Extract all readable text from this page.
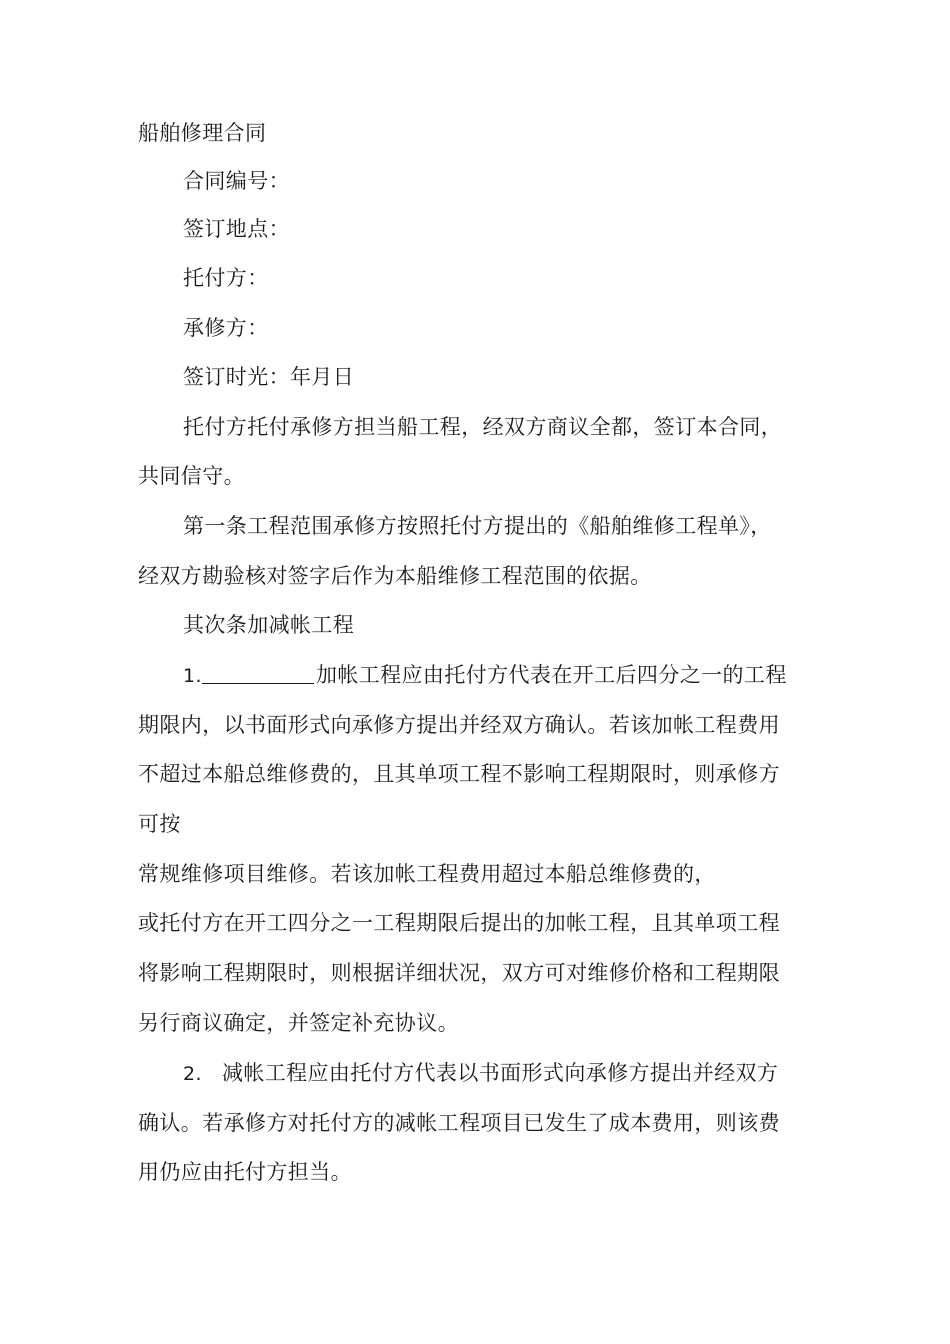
船舶修理合同
合同编号：
签订地点：
托付方：
承修方：
签订时光：年月日
托付方托付承修方担当船工程，经双方商议全都，签订本合同，
共同信守。
第一条工程范围承修方按照托付方提出的《船舶维修工程单》，
经双方勘验核对签字后作为本船维修工程范围的依据。
其次条加减帐工程
1.	加帐工程应由托付方代表在开工后四分之一的工程
期限内，以书面形式向承修方提出并经双方确认。若该加帐工程费用
不超过本船总维修费的，且其单项工程不影响工程期限时，则承修方
可按
常规维修项目维修。若该加帐工程费用超过本船总维修费的，
或托付方在开工四分之一工程期限后提出的加帐工程，且其单项工程
将影响工程期限时，则根据详细状况，双方可对维修价格和工程期限
另行商议确定，并签定补充协议。
2. 减帐工程应由托付方代表以书面形式向承修方提出并经双方
确认。若承修方对托付方的减帐工程项目已发生了成本费用，则该费
用仍应由托付方担当。
